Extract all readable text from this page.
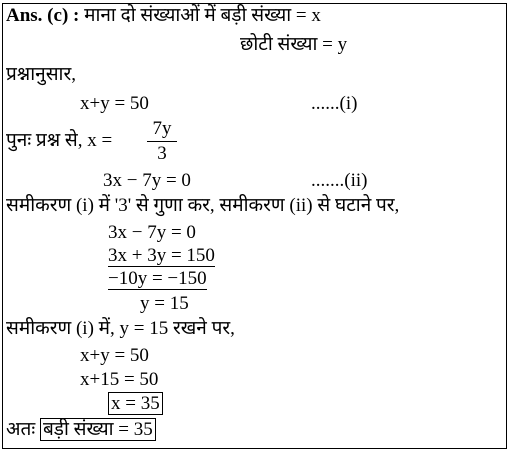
Ans. (c) : माना दो संख्याओं में बड़ी संख्या = x
छोटी संख्या = y
प्रश्नानुसार,
x+y = 50	......(i)
पुनः प्रश्न से, x =
7y
3
3x − 7y = 0	.......(ii)
समीकरण (i) में '3' से गुणा कर, समीकरण (ii) से घटाने पर,
3x − 7y = 0
3x + 3y = 150
−10y = −150
y = 15
समीकरण (i) में, y = 15 रखने पर,
x+y = 50
x+15 = 50
x = 35
अतः बड़ी संख्या = 35
